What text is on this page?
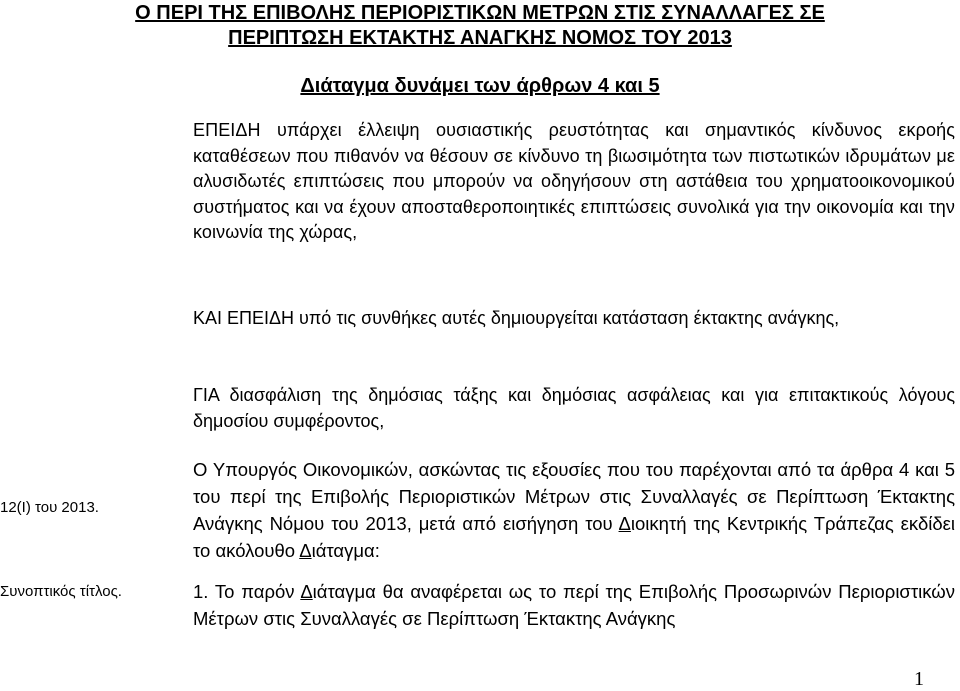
Ο ΠΕΡΙ ΤΗΣ ΕΠΙΒΟΛΗΣ ΠΕΡΙΟΡΙΣΤΙΚΩΝ ΜΕΤΡΩΝ ΣΤΙΣ ΣΥΝΑΛΛΑΓΕΣ ΣΕ
ΠΕΡΙΠΤΩΣΗ ΕΚΤΑΚΤΗΣ ΑΝΑΓΚΗΣ ΝΟΜΟΣ ΤΟΥ 2013
Διάταγμα δυνάμει των άρθρων 4 και 5
ΕΠΕΙΔΗ υπάρχει έλλειψη ουσιαστικής ρευστότητας και σημαντικός κίνδυνος εκροής καταθέσεων που πιθανόν να θέσουν σε κίνδυνο τη βιωσιμότητα των πιστωτικών ιδρυμάτων με αλυσιδωτές επιπτώσεις που μπορούν να οδηγήσουν στη αστάθεια του χρηματοοικονομικού συστήματος και να έχουν αποσταθεροποιητικές επιπτώσεις συνολικά για την οικονομία και την κοινωνία της χώρας,
ΚΑΙ ΕΠΕΙΔΗ υπό τις συνθήκες αυτές δημιουργείται κατάσταση έκτακτης ανάγκης,
ΓΙΑ διασφάλιση της δημόσιας τάξης και δημόσιας ασφάλειας και για επιτακτικούς λόγους δημοσίου συμφέροντος,
Ο Υπουργός Οικονομικών, ασκώντας τις εξουσίες που του παρέχονται από τα άρθρα 4 και 5 του περί της Επιβολής Περιοριστικών Μέτρων στις Συναλλαγές σε Περίπτωση Έκτακτης Ανάγκης Νόμου του 2013, μετά από εισήγηση του Διοικητή της Κεντρικής Τράπεζας εκδίδει το ακόλουθο Διάταγμα:
1. Το παρόν Διάταγμα θα αναφέρεται ως το περί της Επιβολής Προσωρινών Περιοριστικών Μέτρων στις Συναλλαγές σε Περίπτωση Έκτακτης Ανάγκης
12(Ι) του 2013.
Συνοπτικός τίτλος.
1
